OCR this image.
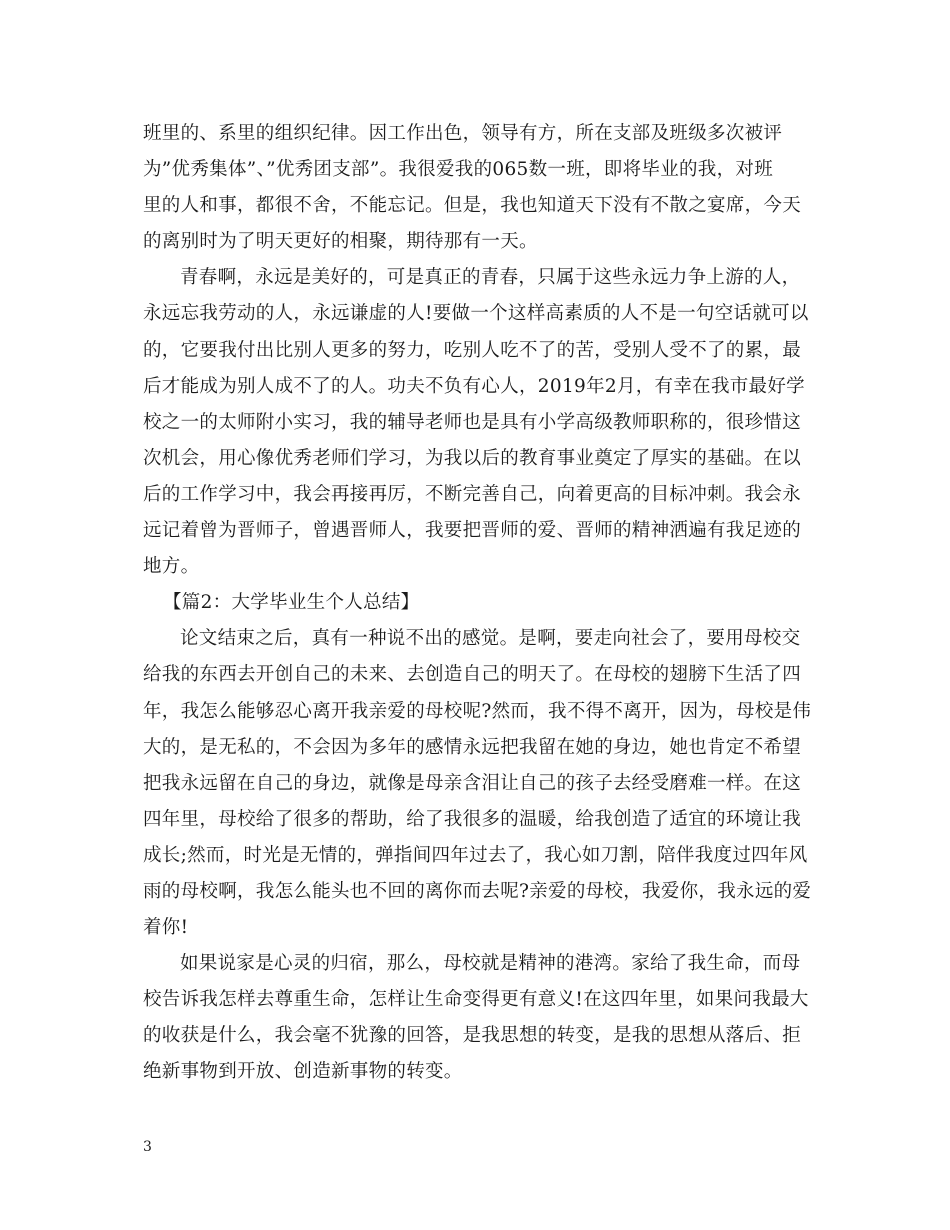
班里的、系里的组织纪律。因工作出色，领导有方，所在支部及班级多次被评
为”优秀集体”、”优秀团支部”。我很爱我的065数一班，即将毕业的我，对班
里的人和事，都很不舍，不能忘记。但是，我也知道天下没有不散之宴席，今天
的离别时为了明天更好的相聚，期待那有一天。
青春啊，永远是美好的，可是真正的青春，只属于这些永远力争上游的人，
永远忘我劳动的人，永远谦虚的人!要做一个这样高素质的人不是一句空话就可以
的，它要我付出比别人更多的努力，吃别人吃不了的苦，受别人受不了的累，最
后才能成为别人成不了的人。功夫不负有心人，2019年2月，有幸在我市最好学
校之一的太师附小实习，我的辅导老师也是具有小学高级教师职称的，很珍惜这
次机会，用心像优秀老师们学习，为我以后的教育事业奠定了厚实的基础。在以
后的工作学习中，我会再接再厉，不断完善自己，向着更高的目标冲刺。我会永
远记着曾为晋师子，曾遇晋师人，我要把晋师的爱、晋师的精神洒遍有我足迹的
地方。
【篇2：大学毕业生个人总结】
论文结束之后，真有一种说不出的感觉。是啊，要走向社会了，要用母校交
给我的东西去开创自己的未来、去创造自己的明天了。在母校的翅膀下生活了四
年，我怎么能够忍心离开我亲爱的母校呢?然而，我不得不离开，因为，母校是伟
大的，是无私的，不会因为多年的感情永远把我留在她的身边，她也肯定不希望
把我永远留在自己的身边，就像是母亲含泪让自己的孩子去经受磨难一样。在这
四年里，母校给了很多的帮助，给了我很多的温暖，给我创造了适宜的环境让我
成长;然而，时光是无情的，弹指间四年过去了，我心如刀割，陪伴我度过四年风
雨的母校啊，我怎么能头也不回的离你而去呢?亲爱的母校，我爱你，我永远的爱
着你!
如果说家是心灵的归宿，那么，母校就是精神的港湾。家给了我生命，而母
校告诉我怎样去尊重生命，怎样让生命变得更有意义!在这四年里，如果问我最大
的收获是什么，我会毫不犹豫的回答，是我思想的转变，是我的思想从落后、拒
绝新事物到开放、创造新事物的转变。
3
